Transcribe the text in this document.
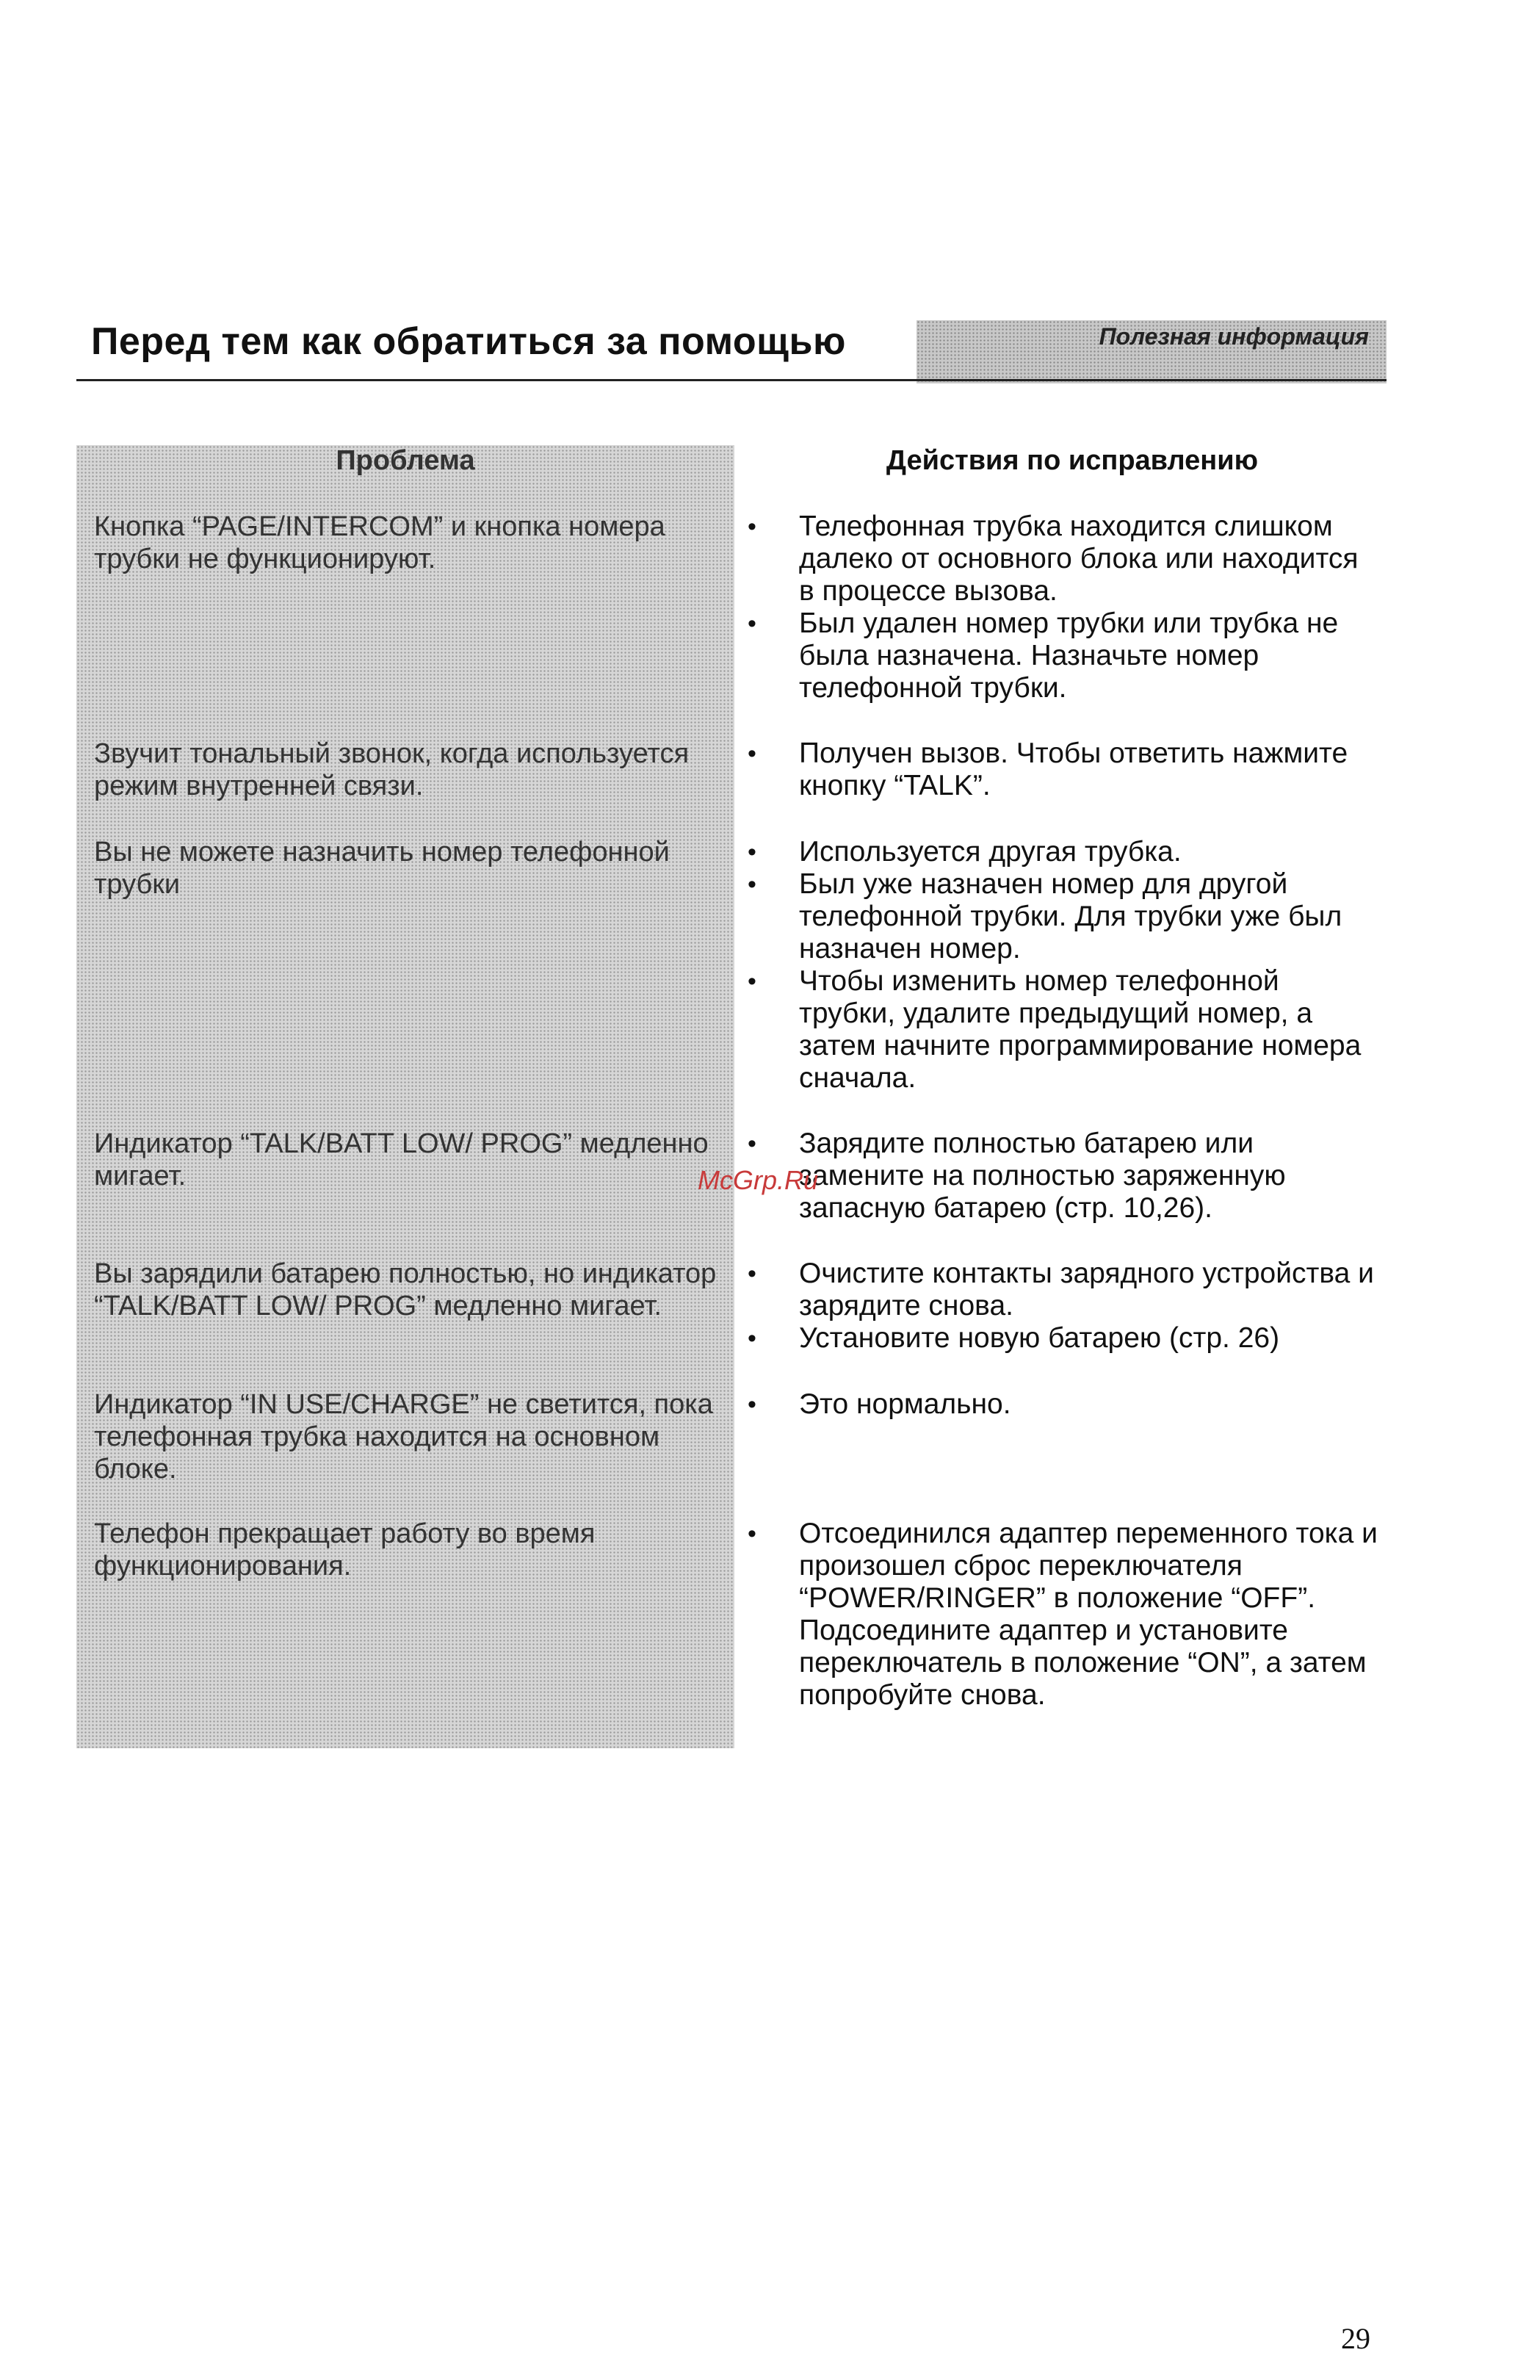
Перед тем как обратиться за помощью	Полезная информация
Проблема	Действия по исправлению
Кнопка “PAGE/INTERCOM” и кнопка номера трубки не функционируют.
• Телефонная трубка находится слишком далеко от основного блока или находится в процессе вызова.
• Был удален номер трубки или трубка не была назначена. Назначьте номер телефонной трубки.
Звучит тональный звонок, когда используется режим внутренней связи.
• Получен вызов. Чтобы ответить нажмите кнопку “TALK”.
Вы не можете назначить номер телефонной трубки
• Используется другая трубка.
• Был уже назначен номер для другой телефонной трубки. Для трубки уже был назначен номер.
• Чтобы изменить номер телефонной трубки, удалите предыдущий номер, а затем начните программирование номера сначала.
Индикатор “TALK/BATT LOW/ PROG” медленно мигает.
• Зарядите полностью батарею или замените на полностью заряженную запасную батарею (стр. 10,26).
Вы зарядили батарею полностью, но индикатор “TALK/BATT LOW/ PROG” медленно мигает.
• Очистите контакты зарядного устройства и зарядите снова.
• Установите новую батарею (стр. 26)
Индикатор “IN USE/CHARGE” не светится, пока телефонная трубка находится на основном блоке.
• Это нормально.
Телефон прекращает работу во время функционирования.
• Отсоединился адаптер переменного тока и произошел сброс переключателя “POWER/RINGER” в положение “OFF”. Подсоедините адаптер и установите переключатель в положение “ON”, а затем попробуйте снова.
McGrp.Ru
29
